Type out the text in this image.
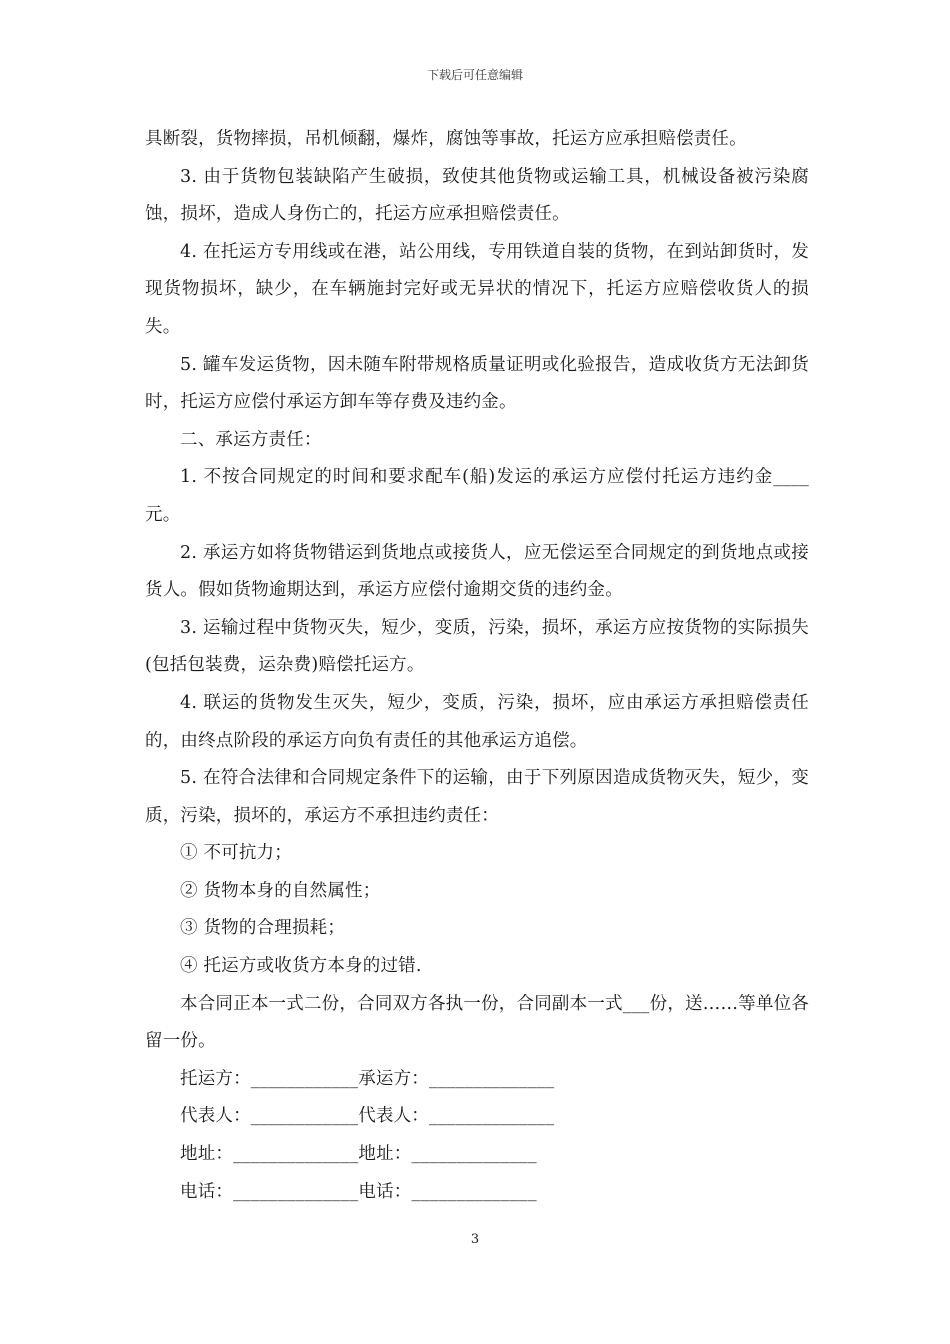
下载后可任意编辑

具断裂，货物摔损，吊机倾翻，爆炸，腐蚀等事故，托运方应承担赔偿责任。

3. 由于货物包装缺陷产生破损，致使其他货物或运输工具，机械设备被污染腐蚀，损坏，造成人身伤亡的，托运方应承担赔偿责任。

4. 在托运方专用线或在港，站公用线，专用铁道自装的货物，在到站卸货时，发现货物损坏，缺少，在车辆施封完好或无异状的情况下，托运方应赔偿收货人的损失。

5. 罐车发运货物，因未随车附带规格质量证明或化验报告，造成收货方无法卸货时，托运方应偿付承运方卸车等存费及违约金。

二、承运方责任：

1. 不按合同规定的时间和要求配车(船)发运的承运方应偿付托运方违约金____元。

2. 承运方如将货物错运到货地点或接货人，应无偿运至合同规定的到货地点或接货人。假如货物逾期达到，承运方应偿付逾期交货的违约金。

3. 运输过程中货物灭失，短少，变质，污染，损坏，承运方应按货物的实际损失(包括包装费，运杂费)赔偿托运方。

4. 联运的货物发生灭失，短少，变质，污染，损坏，应由承运方承担赔偿责任的，由终点阶段的承运方向负有责任的其他承运方追偿。

5. 在符合法律和合同规定条件下的运输，由于下列原因造成货物灭失，短少，变质，污染，损坏的，承运方不承担违约责任：

① 不可抗力；

② 货物本身的自然属性；

③ 货物的合理损耗；

④ 托运方或收货方本身的过错.

本合同正本一式二份，合同双方各执一份，合同副本一式___份，送……等单位各留一份。

托运方：____________承运方：______________
代表人：____________代表人：______________
地址：______________地址：______________
电话：______________电话：______________
3
